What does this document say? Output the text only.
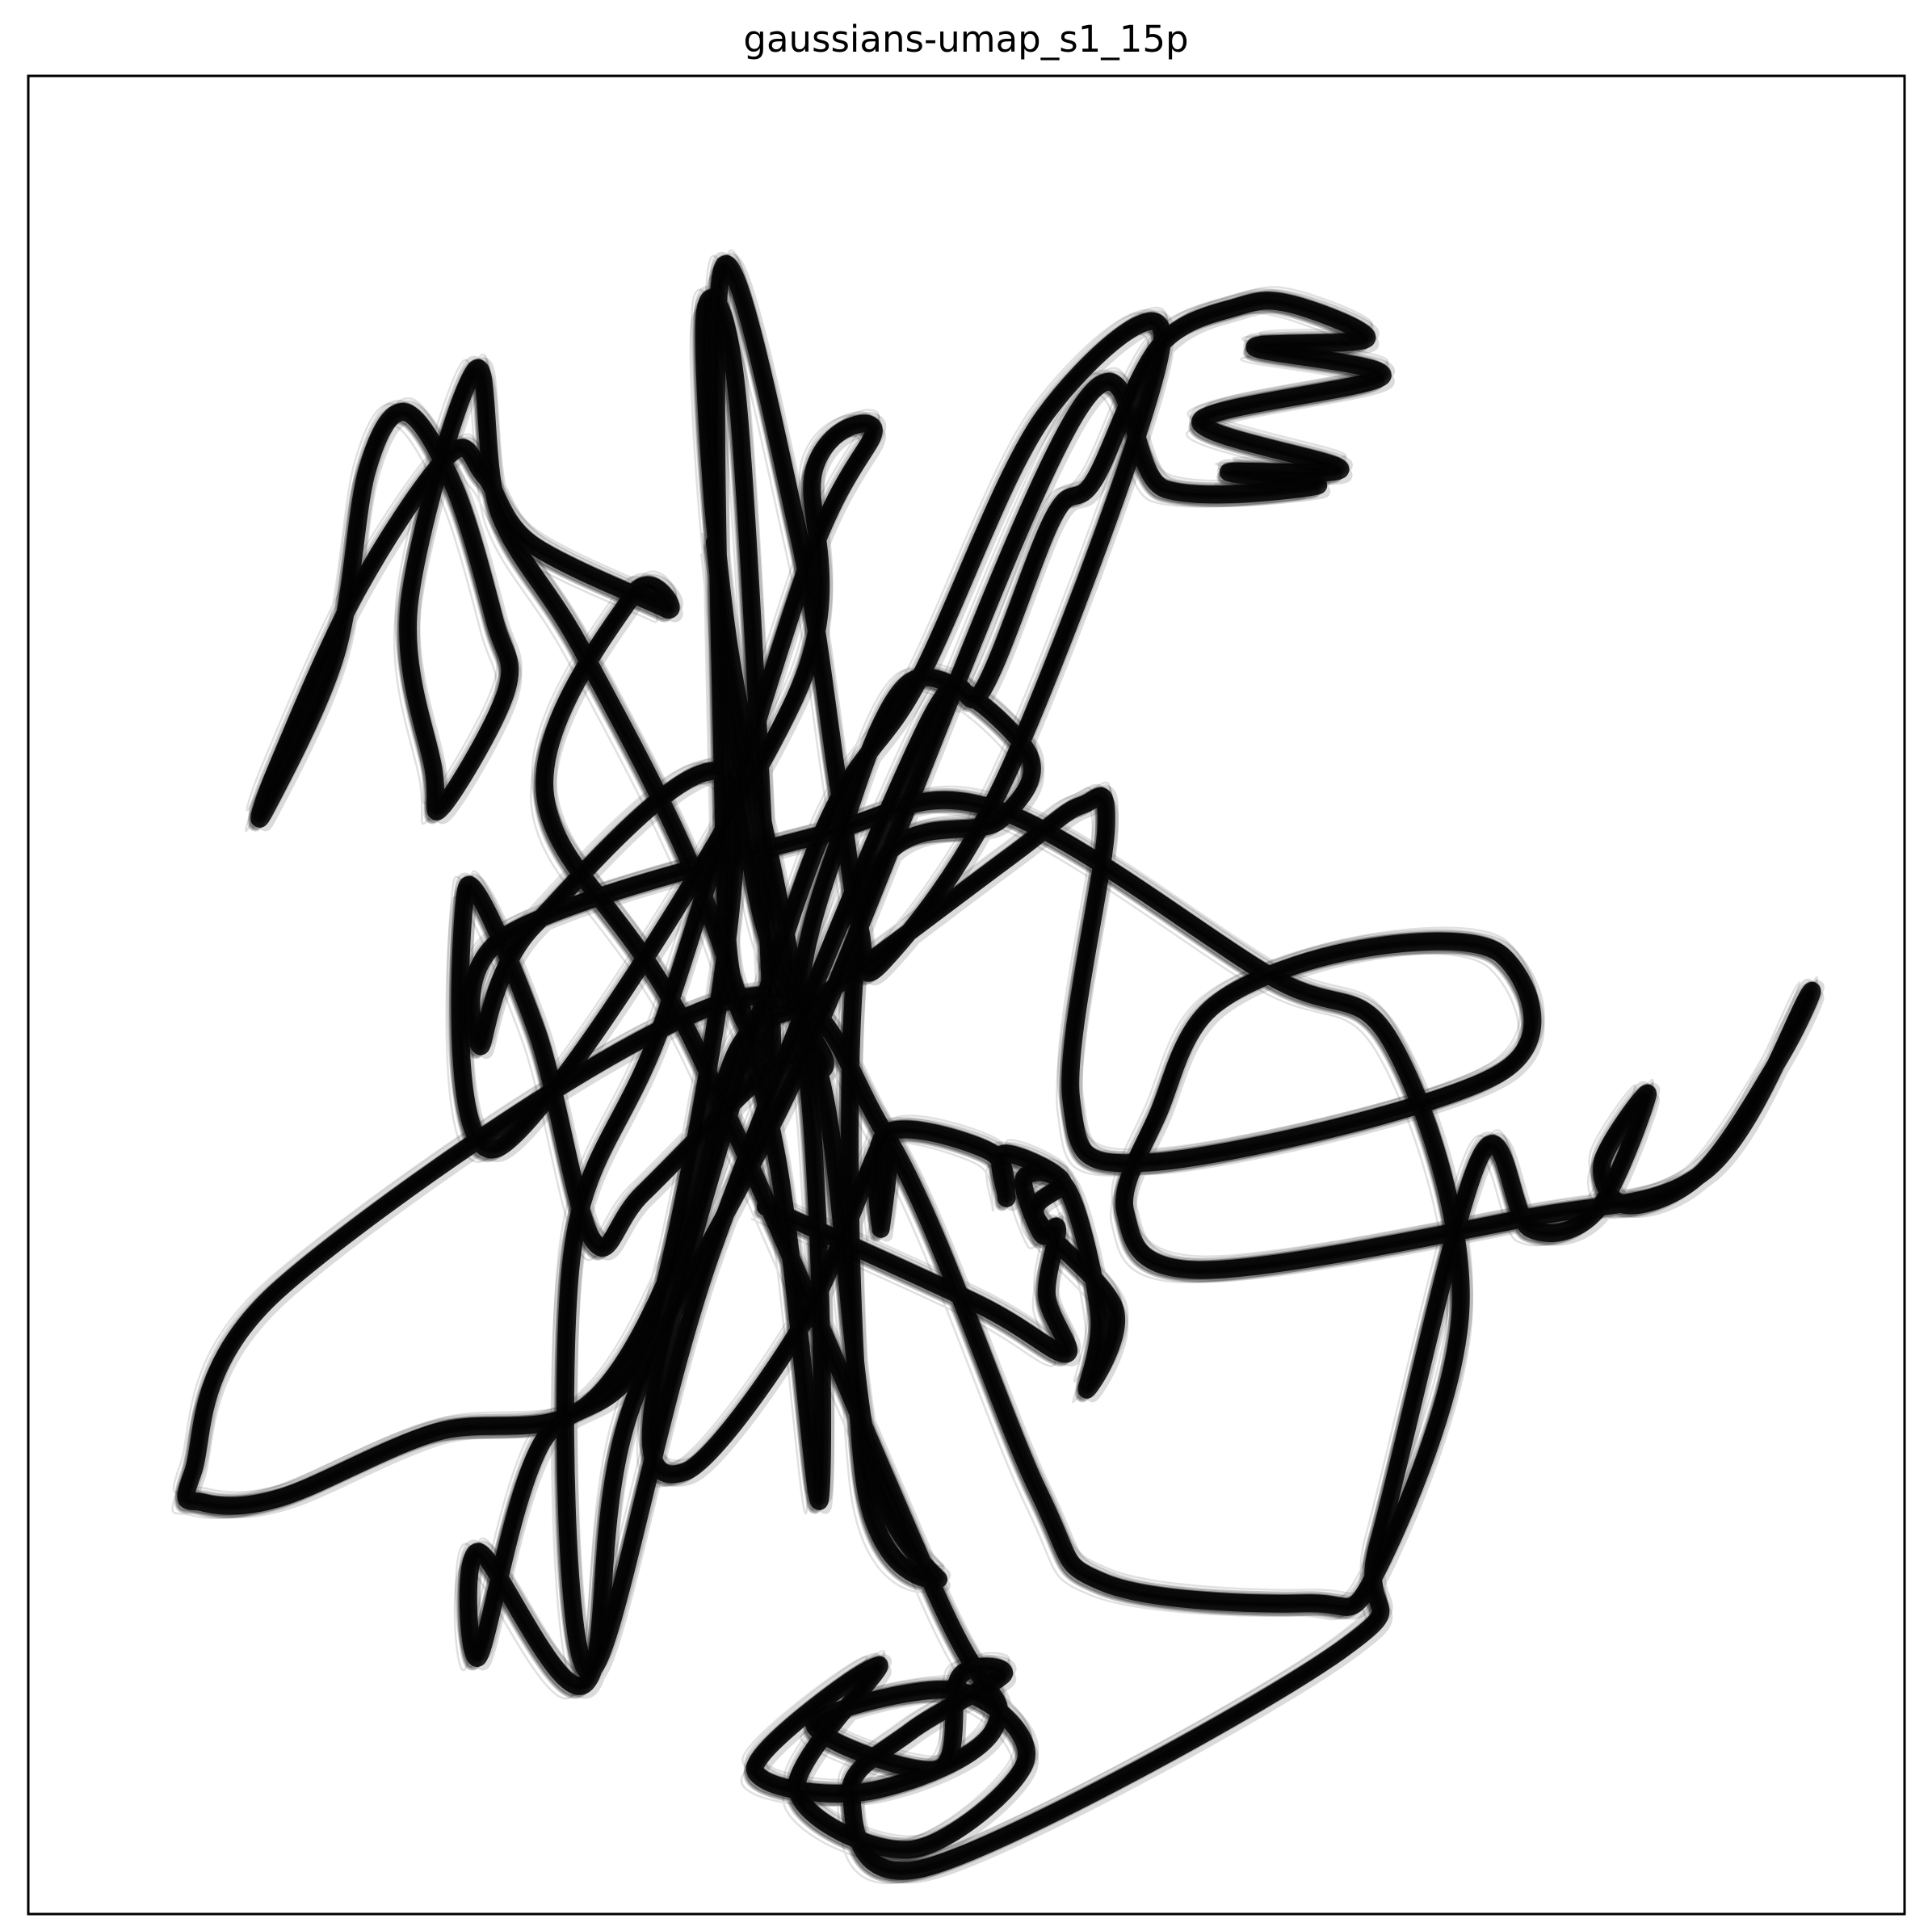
gaussians-umap_s1_15p
